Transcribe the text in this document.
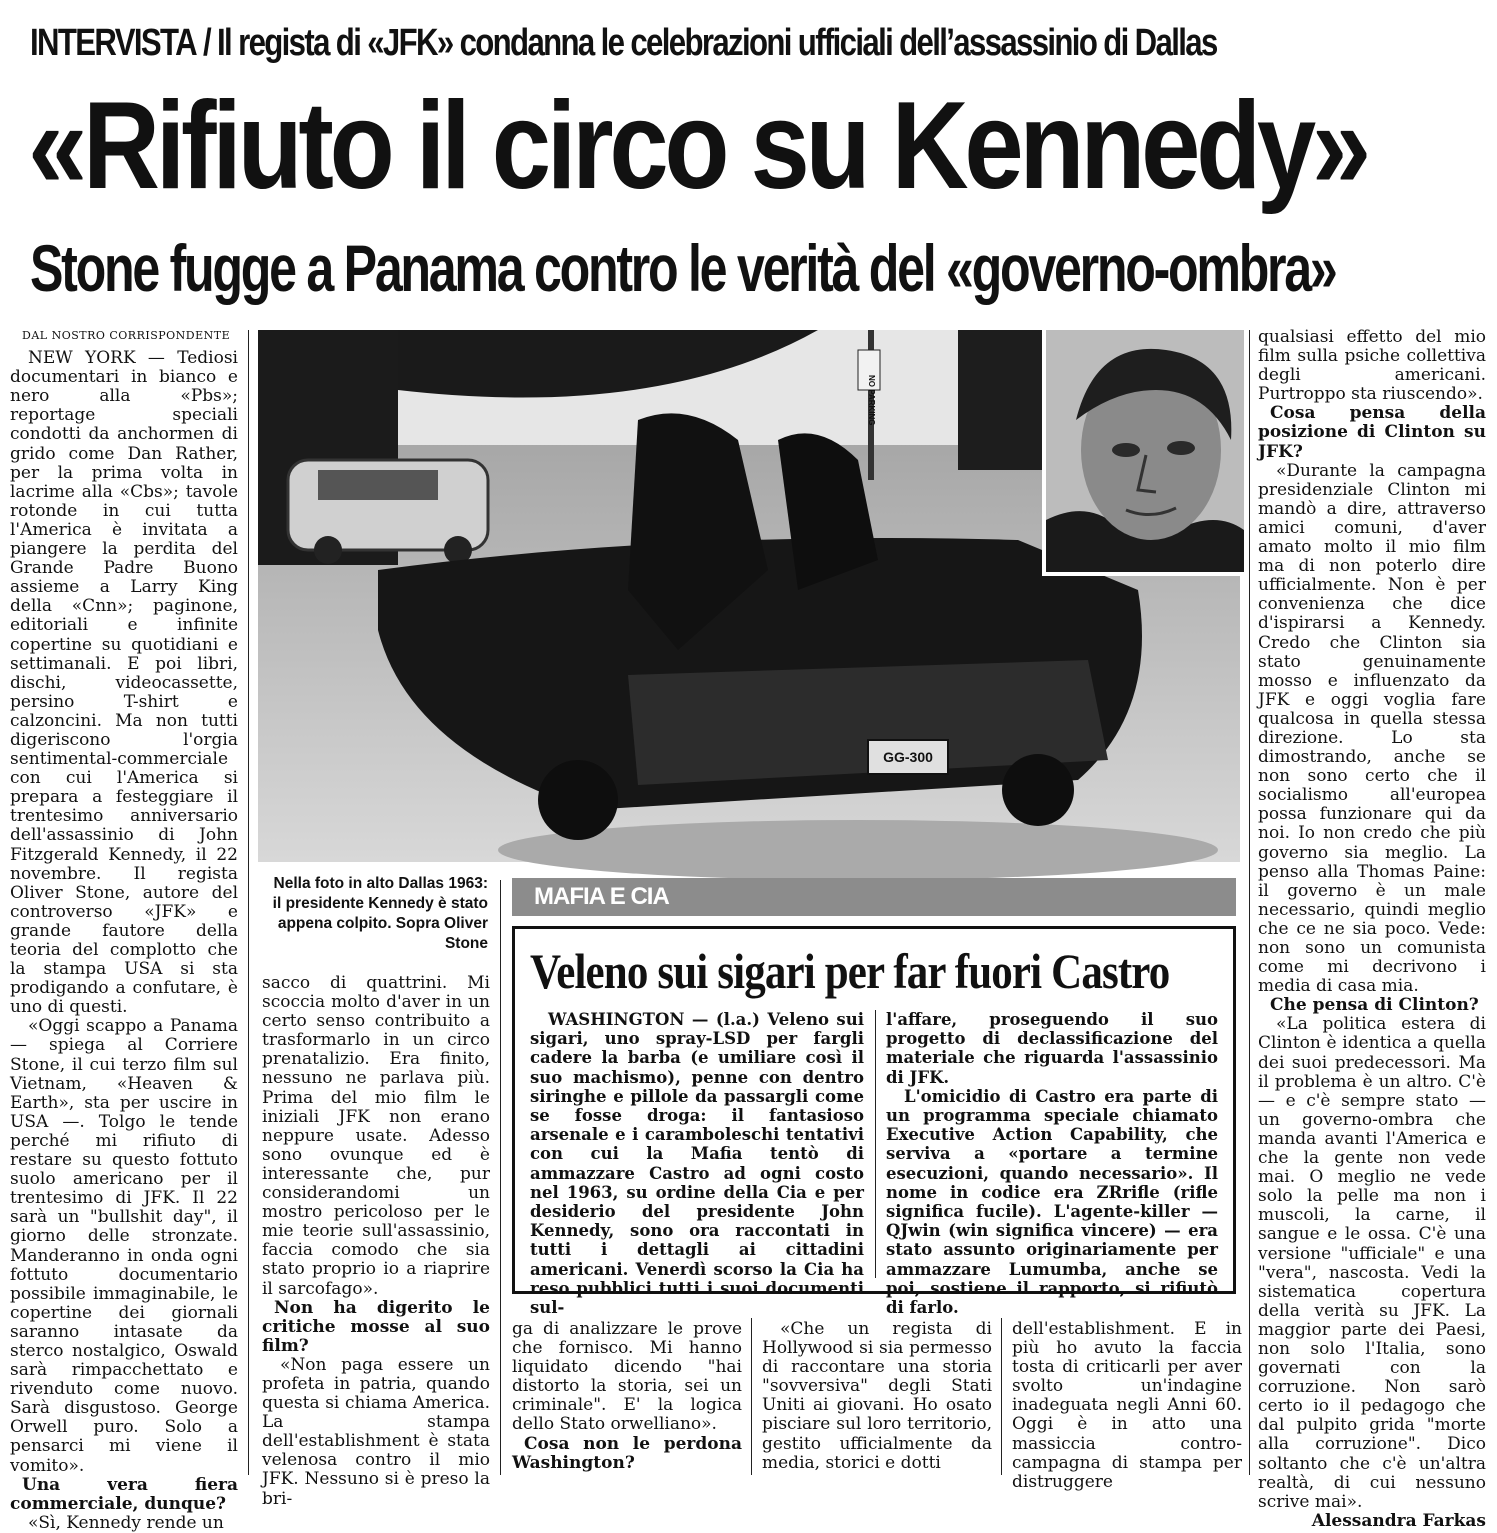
INTERVISTA / Il regista di «JFK» condanna le celebrazioni ufficiali dell’assassinio di Dallas
«Rifiuto il circo su Kennedy»
Stone fugge a Panama contro le verità del «governo-ombra»

DAL NOSTRO CORRISPONDENTE

NEW YORK — Tediosi documentari in bianco e nero alla «Pbs»; reportage speciali condotti da anchormen di grido come Dan Rather, per la prima volta in lacrime alla «Cbs»; tavole rotonde in cui tutta l'America è invitata a piangere la perdita del Grande Padre Buono assieme a Larry King della «Cnn»; paginone, editoriali e infinite copertine su quotidiani e settimanali. E poi libri, dischi, videocassette, persino T-shirt e calzoncini. Ma non tutti digeriscono l'orgia sentimental-commerciale con cui l'America si prepara a festeggiare il trentesimo anniversario dell'assassinio di John Fitzgerald Kennedy, il 22 novembre. Il regista Oliver Stone, autore del controverso «JFK» e grande fautore della teoria del complotto che la stampa USA si sta prodigando a confutare, è uno di questi.

«Oggi scappo a Panama — spiega al Corriere Stone, il cui terzo film sul Vietnam, «Heaven & Earth», sta per uscire in USA —. Tolgo le tende perché mi rifiuto di restare su questo fottuto suolo americano per il trentesimo di JFK. Il 22 sarà un "bullshit day", il giorno delle stronzate. Manderanno in onda ogni fottuto documentario possibile immaginabile, le copertine dei giornali saranno intasate da sterco nostalgico, Oswald sarà rimpacchettato e rivenduto come nuovo. Sarà disgustoso. George Orwell puro. Solo a pensarci mi viene il vomito».

Una vera fiera commerciale, dunque?

«Sì, Kennedy rende un

NO PARKING
GG-300
Nella foto in alto Dallas 1963: il presidente Kennedy è stato appena colpito. Sopra Oliver Stone

sacco di quattrini. Mi scoccia molto d'aver in un certo senso contribuito a trasformarlo in un circo prenatalizio. Era finito, nessuno ne parlava più. Prima del mio film le iniziali JFK non erano neppure usate. Adesso sono ovunque ed è interessante che, pur considerandomi un mostro pericoloso per le mie teorie sull'assassinio, faccia comodo che sia stato proprio io a riaprire il sarcofago».

Non ha digerito le critiche mosse al suo film?

«Non paga essere un profeta in patria, quando questa si chiama America. La stampa dell'establishment è stata velenosa contro il mio JFK. Nessuno si è preso la bri-

MAFIA E CIA
Veleno sui sigari per far fuori Castro

WASHINGTON — (l.a.) Veleno sui sigari, uno spray-LSD per fargli cadere la barba (e umiliare così il suo machismo), penne con dentro siringhe e pillole da passargli come se fosse droga: il fantasioso arsenale e i caramboleschi tentativi con cui la Mafia tentò di ammazzare Castro ad ogni costo nel 1963, su ordine della Cia e per desiderio del presidente John Kennedy, sono ora raccontati in tutti i dettagli ai cittadini americani. Venerdì scorso la Cia ha reso pubblici tutti i suoi documenti sul-

l'affare, proseguendo il suo progetto di declassificazione del materiale che riguarda l'assassinio di JFK.

L'omicidio di Castro era parte di un programma speciale chiamato Executive Action Capability, che serviva a «portare a termine esecuzioni, quando necessario». Il nome in codice era ZRrifle (rifle significa fucile). L'agente-killer — QJwin (win significa vincere) — era stato assunto originariamente per ammazzare Lumumba, anche se poi, sostiene il rapporto, si rifiutò di farlo.

ga di analizzare le prove che fornisco. Mi hanno liquidato dicendo "hai distorto la storia, sei un criminale". E' la logica dello Stato orwelliano».

Cosa non le perdona Washington?

«Che un regista di Hollywood si sia permesso di raccontare una storia "sovversiva" degli Stati Uniti ai giovani. Ho osato pisciare sul loro territorio, gestito ufficialmente da media, storici e dotti

dell'establishment. E in più ho avuto la faccia tosta di criticarli per aver svolto un'indagine inadeguata negli Anni 60. Oggi è in atto una massiccia controcampagna di stampa per distruggere

qualsiasi effetto del mio film sulla psiche collettiva degli americani. Purtroppo sta riuscendo».

Cosa pensa della posizione di Clinton su JFK?

«Durante la campagna presidenziale Clinton mi mandò a dire, attraverso amici comuni, d'aver amato molto il mio film ma di non poterlo dire ufficialmente. Non è per convenienza che dice d'ispirarsi a Kennedy. Credo che Clinton sia stato genuinamente mosso e influenzato da JFK e oggi voglia fare qualcosa in quella stessa direzione. Lo sta dimostrando, anche se non sono certo che il socialismo all'europea possa funzionare qui da noi. Io non credo che più governo sia meglio. La penso alla Thomas Paine: il governo è un male necessario, quindi meglio che ce ne sia poco. Vede: non sono un comunista come mi decrivono i media di casa mia.

Che pensa di Clinton?

«La politica estera di Clinton è identica a quella dei suoi predecessori. Ma il problema è un altro. C'è — e c'è sempre stato — un governo-ombra che manda avanti l'America e che la gente non vede mai. O meglio ne vede solo la pelle ma non i muscoli, la carne, il sangue e le ossa. C'è una versione "ufficiale" e una "vera", nascosta. Vedi la sistematica copertura della verità su JFK. La maggior parte dei Paesi, non solo l'Italia, sono governati con la corruzione. Non sarò certo io il pedagogo che dal pulpito grida "morte alla corruzione". Dico soltanto che c'è un'altra realtà, di cui nessuno scrive mai».

Alessandra Farkas
